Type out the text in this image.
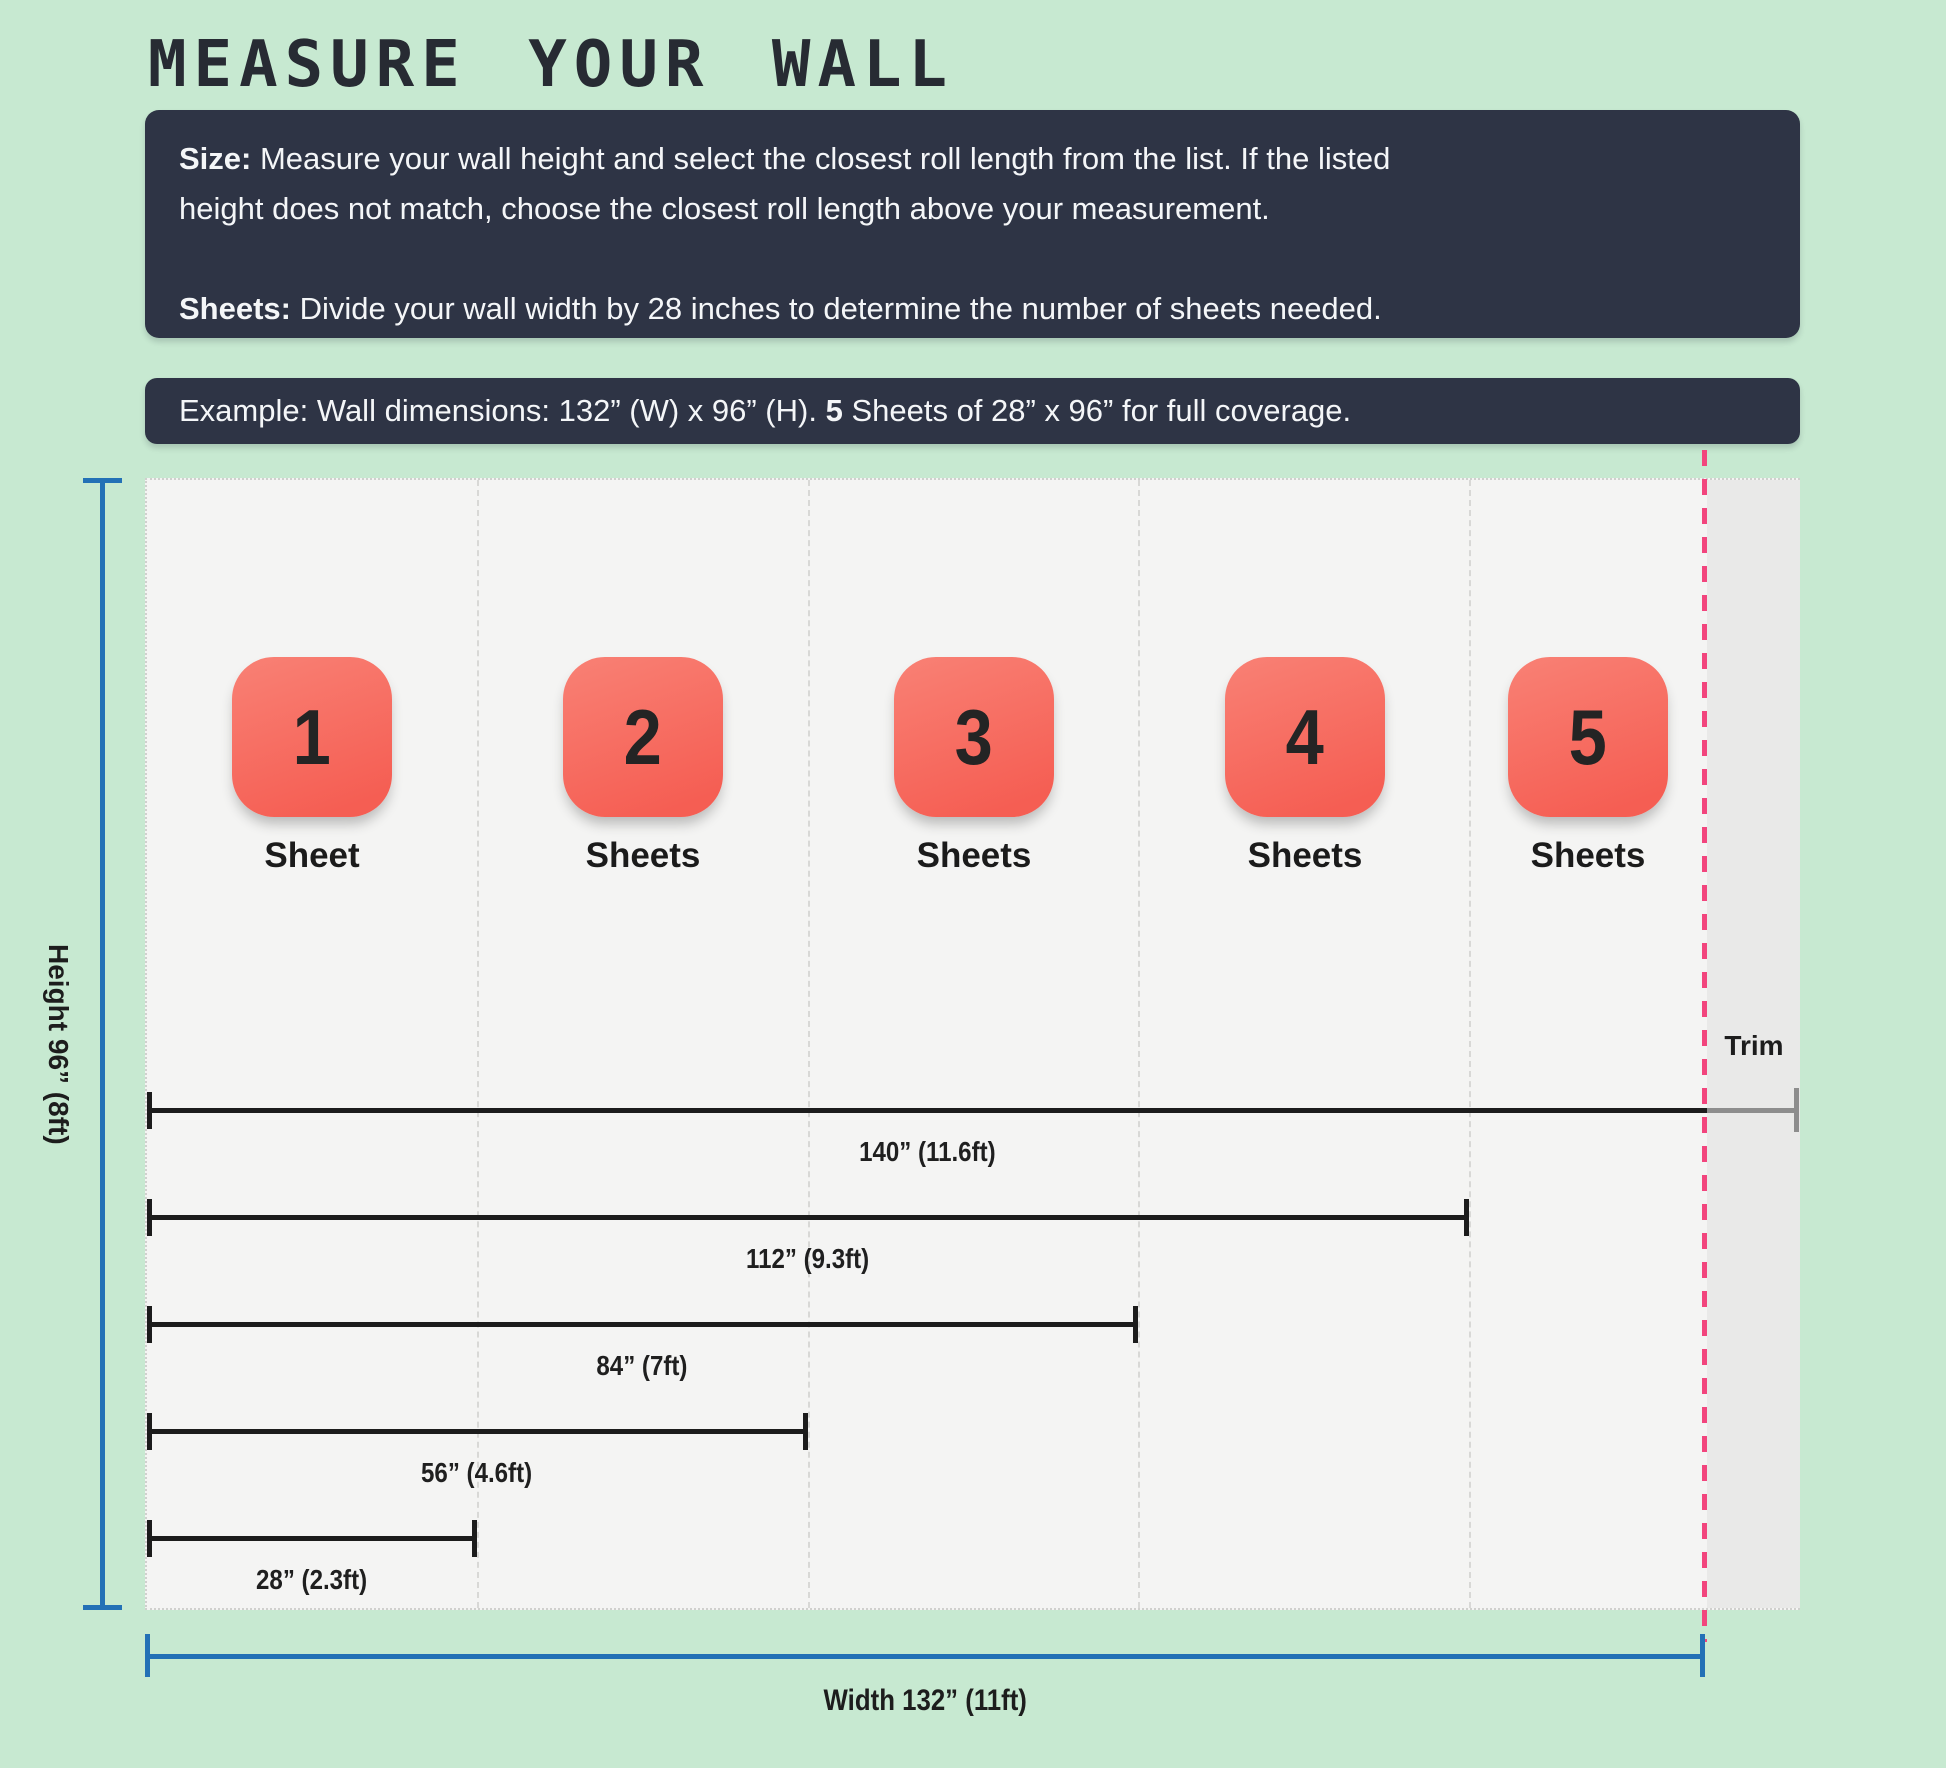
MEASURE YOUR WALL

Size: Measure your wall height and select the closest roll length from the list. If the listed
height does not match, choose the closest roll length above your measurement.

Sheets: Divide your wall width by 28 inches to determine the number of sheets needed.

Example: Wall dimensions: 132” (W) x 96” (H). 5 Sheets of 28” x 96” for full coverage.
1	2	3	4	5
Sheet	Sheets	Sheets	Sheets	Sheets
Trim
140” (11.6ft)
112” (9.3ft)
84” (7ft)
56” (4.6ft)
28” (2.3ft)
Height 96” (8ft)
Width 132” (11ft)
